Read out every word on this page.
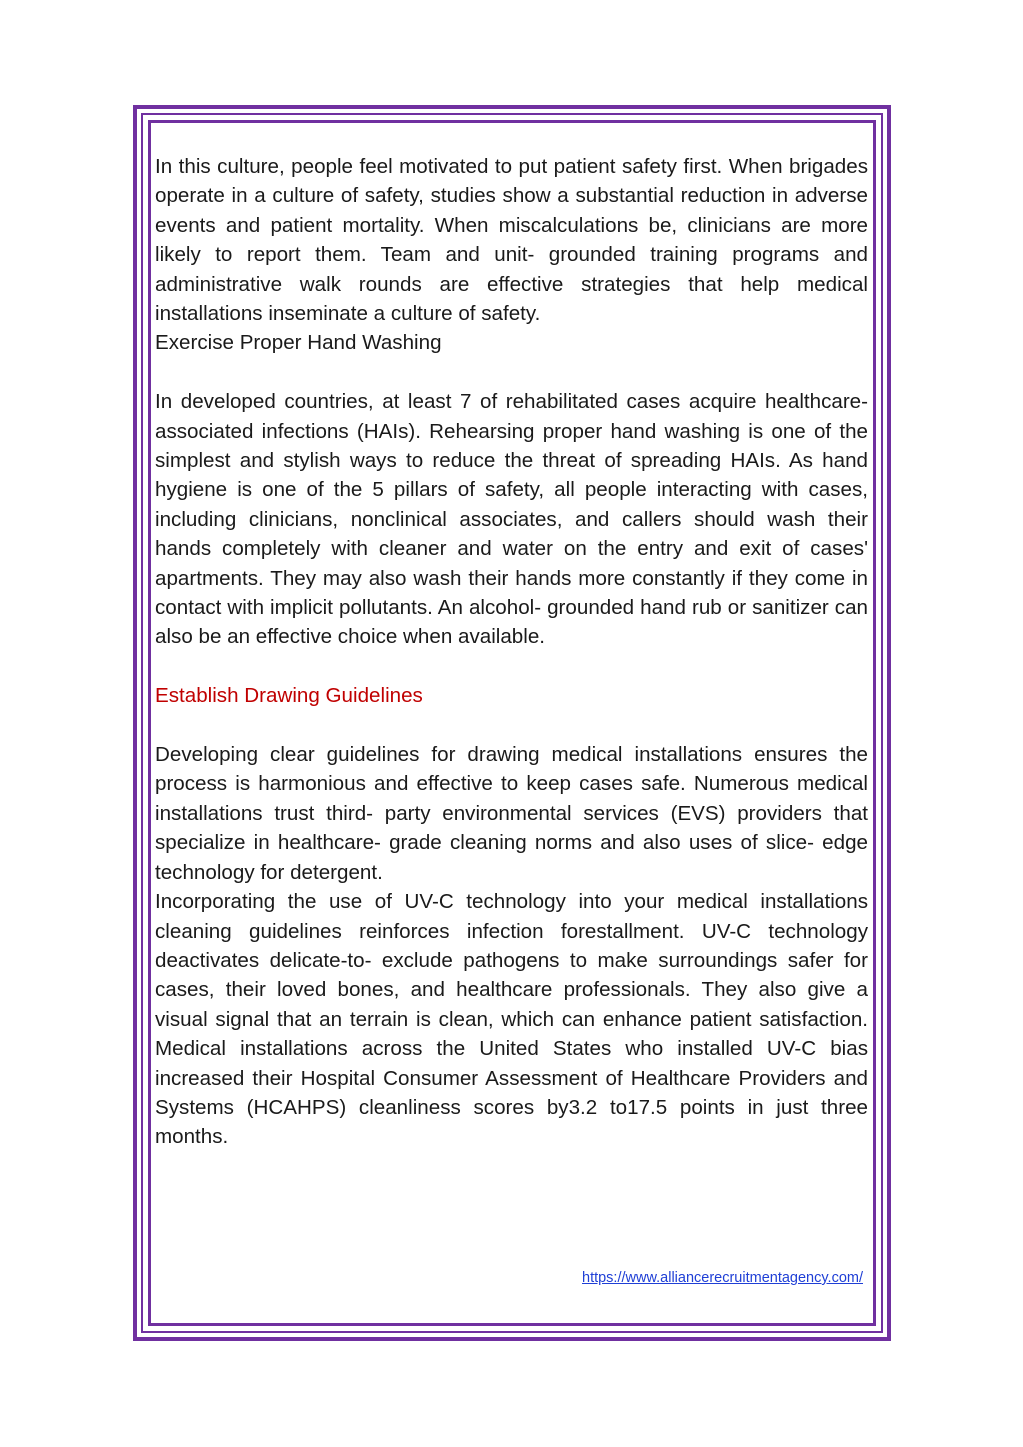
In this culture, people feel motivated to put patient safety first. When brigades operate in a culture of safety, studies show a substantial reduction in adverse events and patient mortality. When miscalculations be, clinicians are more likely to report them. Team and unit- grounded training programs and administrative walk rounds are effective strategies that help medical installations inseminate a culture of safety.

Exercise Proper Hand Washing

In developed countries, at least 7 of rehabilitated cases acquire healthcare- associated infections (HAIs). Rehearsing proper hand washing is one of the simplest and stylish ways to reduce the threat of spreading HAIs. As hand hygiene is one of the 5 pillars of safety, all people interacting with cases, including clinicians, nonclinical associates, and callers should wash their hands completely with cleaner and water on the entry and exit of cases' apartments. They may also wash their hands more constantly if they come in contact with implicit pollutants. An alcohol- grounded hand rub or sanitizer can also be an effective choice when available.

Establish Drawing Guidelines

Developing clear guidelines for drawing medical installations ensures the process is harmonious and effective to keep cases safe. Numerous medical installations trust third- party environmental services (EVS) providers that specialize in healthcare- grade cleaning norms and also uses of slice- edge technology for detergent.

Incorporating the use of UV-C technology into your medical installations cleaning guidelines reinforces infection forestallment. UV-C technology deactivates delicate-to- exclude pathogens to make surroundings safer for cases, their loved bones, and healthcare professionals. They also give a visual signal that an terrain is clean, which can enhance patient satisfaction. Medical installations across the United States who installed UV-C bias increased their Hospital Consumer Assessment of Healthcare Providers and Systems (HCAHPS) cleanliness scores by3.2 to17.5 points in just three months.

https://www.alliancerecruitmentagency.com/
